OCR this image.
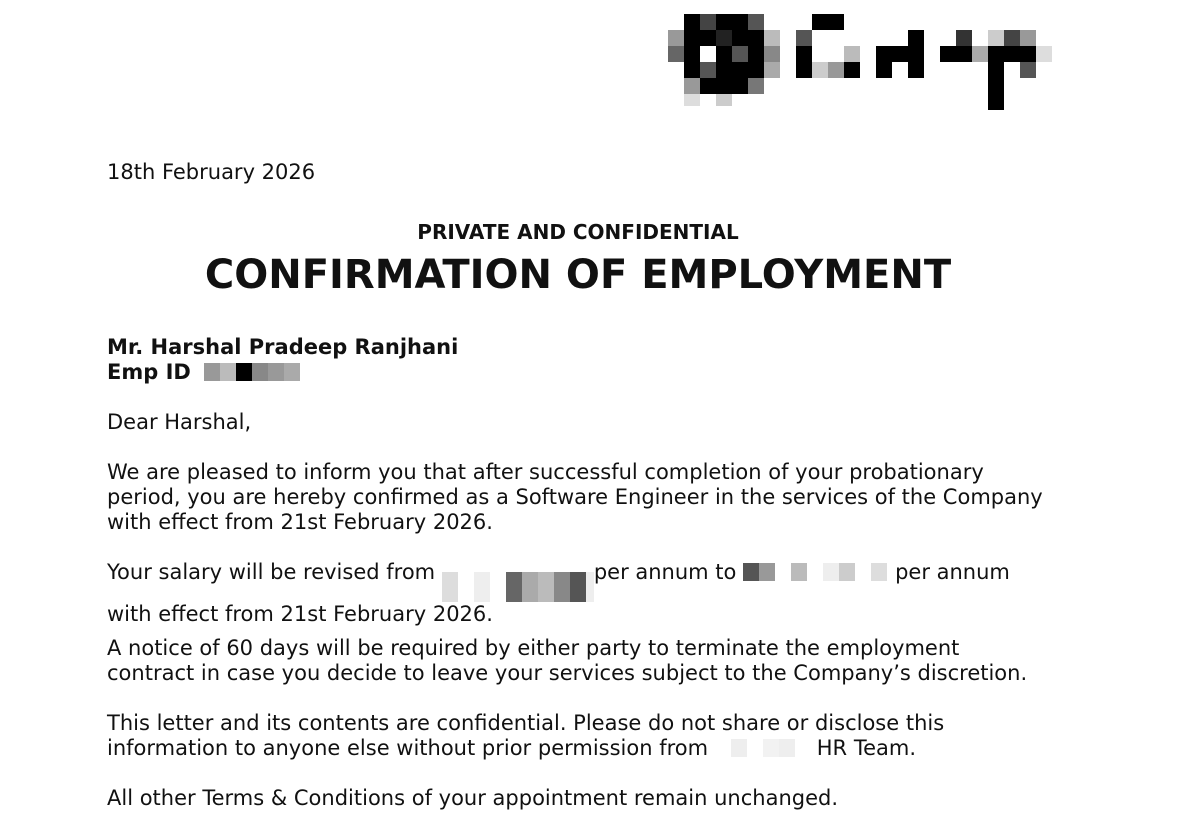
18th February 2026
PRIVATE AND CONFIDENTIAL
CONFIRMATION OF EMPLOYMENT
Mr. Harshal Pradeep Ranjhani
Emp ID
Dear Harshal,
We are pleased to inform you that after successful completion of your probationary
period, you are hereby confirmed as a Software Engineer in the services of the Company
with effect from 21st February 2026.
Your salary will be revised from	per annum to	per annum
with effect from 21st February 2026.
A notice of 60 days will be required by either party to terminate the employment
contract in case you decide to leave your services subject to the Company’s discretion.
This letter and its contents are confidential. Please do not share or disclose this
information to anyone else without prior permission from	HR Team.
All other Terms & Conditions of your appointment remain unchanged.
